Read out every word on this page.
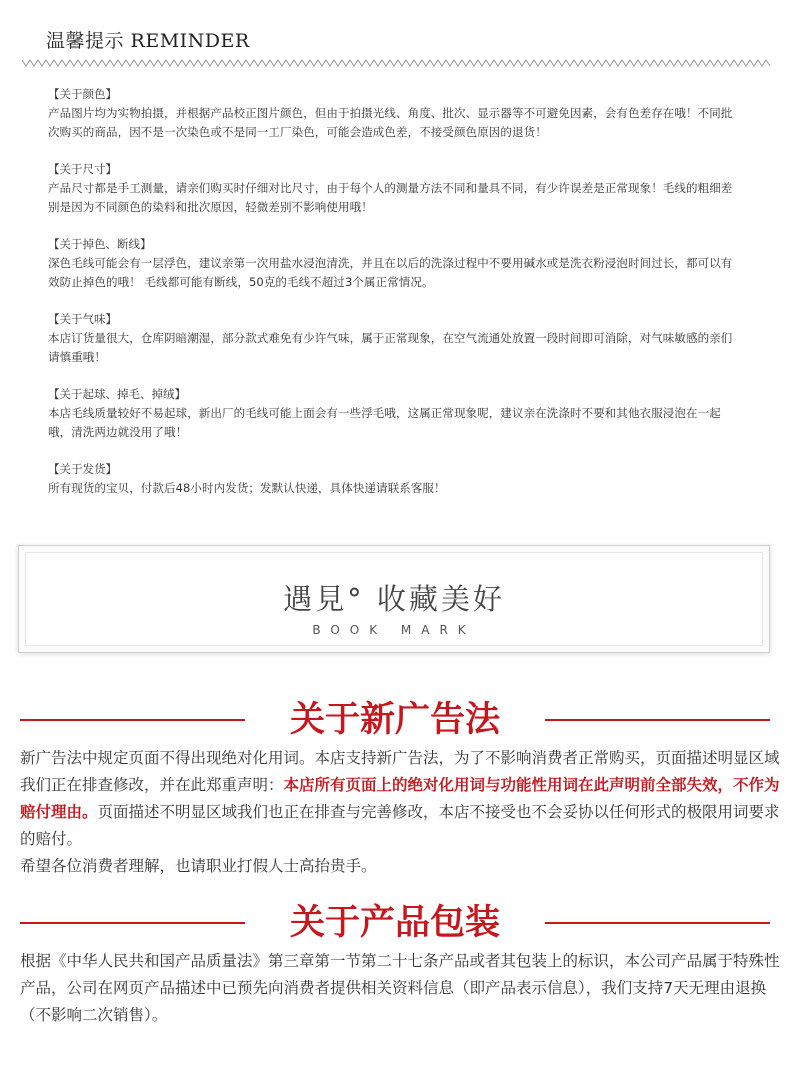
温馨提示 REMINDER
【关于颜色】
产品图片均为实物拍摄，并根据产品校正图片颜色，但由于拍摄光线、角度、批次、显示器等不可避免因素，会有色差存在哦！不同批次购买的商品，因不是一次染色或不是同一工厂染色，可能会造成色差，不接受颜色原因的退货！
【关于尺寸】
产品尺寸都是手工测量，请亲们购买时仔细对比尺寸，由于每个人的测量方法不同和量具不同，有少许误差是正常现象！毛线的粗细差别是因为不同颜色的染料和批次原因，轻微差别不影响使用哦！
【关于掉色、断线】
深色毛线可能会有一层浮色，建议亲第一次用盐水浸泡清洗，并且在以后的洗涤过程中不要用碱水或是洗衣粉浸泡时间过长，都可以有效防止掉色的哦！ 毛线都可能有断线，50克的毛线不超过3个属正常情况。
【关于气味】
本店订货量很大，仓库阴暗潮湿，部分款式难免有少许气味，属于正常现象，在空气流通处放置一段时间即可消除，对气味敏感的亲们请慎重哦！
【关于起球、掉毛、掉绒】
本店毛线质量较好不易起球，新出厂的毛线可能上面会有一些浮毛哦，这属正常现象呢，建议亲在洗涤时不要和其他衣服浸泡在一起哦，清洗两边就没用了哦！
【关于发货】
所有现货的宝贝，付款后48小时内发货；发默认快递，具体快递请联系客服！
遇見° 收藏美好
BOOK MARK
关于新广告法
新广告法中规定页面不得出现绝对化用词。本店支持新广告法，为了不影响消费者正常购买，页面描述明显区域我们正在排查修改，并在此郑重声明：本店所有页面上的绝对化用词与功能性用词在此声明前全部失效，不作为赔付理由。页面描述不明显区域我们也正在排查与完善修改，本店不接受也不会妥协以任何形式的极限用词要求的赔付。
希望各位消费者理解，也请职业打假人士高抬贵手。
关于产品包装
根据《中华人民共和国产品质量法》第三章第一节第二十七条产品或者其包装上的标识，本公司产品属于特殊性产品，公司在网页产品描述中已预先向消费者提供相关资料信息（即产品表示信息），我们支持7天无理由退换（不影响二次销售）。
